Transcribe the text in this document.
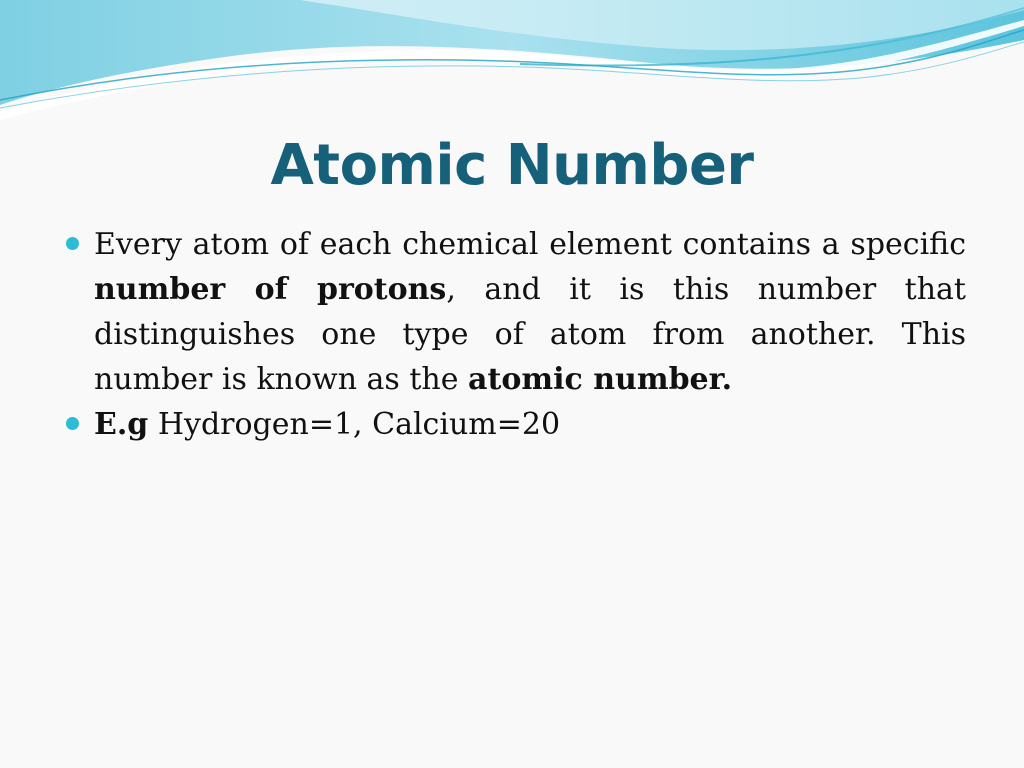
Atomic Number
Every atom of each chemical element contains a specific number of protons, and it is this number that distinguishes one type of atom from another. This number is known as the atomic number.
E.g Hydrogen=1, Calcium=20
